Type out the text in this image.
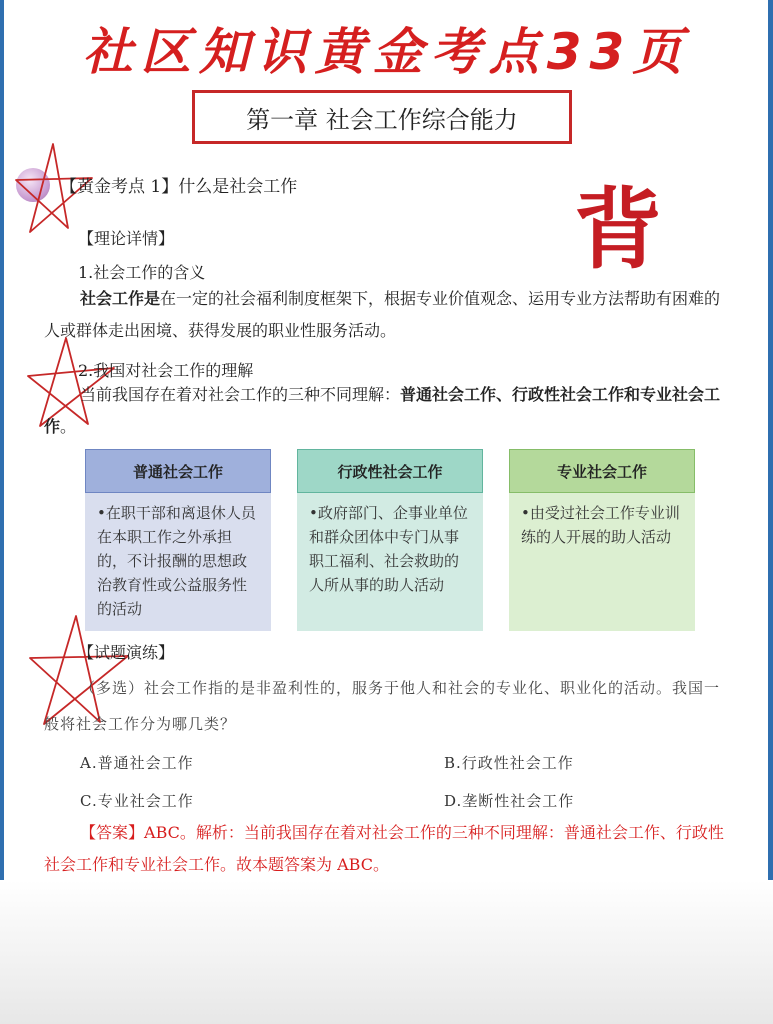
社区知识黄金考点33页
第一章 社会工作综合能力
背
【黄金考点 1】什么是社会工作
【理论详情】
1.社会工作的含义
社会工作是在一定的社会福利制度框架下，根据专业价值观念、运用专业方法帮助有困难的人或群体走出困境、获得发展的职业性服务活动。
2.我国对社会工作的理解
当前我国存在着对社会工作的三种不同理解：普通社会工作、行政性社会工作和专业社会工作。
普通社会工作
•在职干部和离退休人员在本职工作之外承担的，不计报酬的思想政治教育性或公益服务性的活动
行政性社会工作
•政府部门、企事业单位和群众团体中专门从事职工福利、社会救助的人所从事的助人活动
专业社会工作
•由受过社会工作专业训练的人开展的助人活动
【试题演练】
（多选）社会工作指的是非盈利性的，服务于他人和社会的专业化、职业化的活动。我国一般将社会工作分为哪几类？
A.普通社会工作	B.行政性社会工作
C.专业社会工作	D.垄断性社会工作
【答案】ABC。解析：当前我国存在着对社会工作的三种不同理解：普通社会工作、行政性社会工作和专业社会工作。故本题答案为 ABC。
